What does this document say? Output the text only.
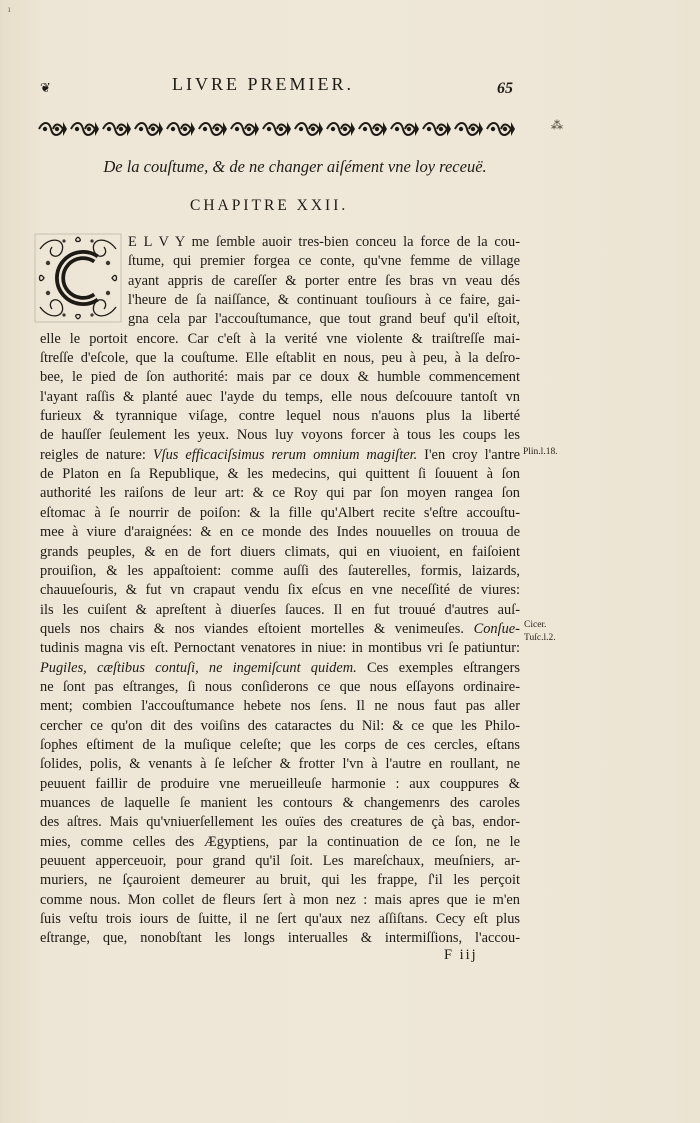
ı
❦
⁂
LIVRE PREMIER.	65
De la couſtume, & de ne changer aiſément vne loy receuë.
CHAPITRE XXII.
E L V Y me ſemble auoir tres-bien conceu la force de la cou-
ſtume, qui premier forgea ce conte, qu'vne femme de village
ayant appris de careſſer & porter entre ſes bras vn veau dés
l'heure de ſa naiſſance, & continuant touſiours à ce faire, gai-
gna cela par l'accouſtumance, que tout grand beuf qu'il eſtoit,
elle le portoit encore. Car c'eſt à la verité vne violente & traiſtreſſe mai-
ſtreſſe d'eſcole, que la couſtume. Elle eſtablit en nous, peu à peu, à la deſro-
bee, le pied de ſon authorité: mais par ce doux & humble commencement
l'ayant raſſis & planté auec l'ayde du temps, elle nous deſcouure tantoſt vn
furieux & tyrannique viſage, contre lequel nous n'auons plus la liberté
de hauſſer ſeulement les yeux. Nous luy voyons forcer à tous les coups les
reigles de nature: Vſus efficaciſsimus rerum omnium magiſter. I'en croy l'antre
de Platon en ſa Republique, & les medecins, qui quittent ſi ſouuent à ſon
authorité les raiſons de leur art: & ce Roy qui par ſon moyen rangea ſon
eſtomac à ſe nourrir de poiſon: & la fille qu'Albert recite s'eſtre accouſtu-
mee à viure d'araignées: & en ce monde des Indes nouuelles on trouua de
grands peuples, & en de fort diuers climats, qui en viuoient, en faiſoient
prouiſion, & les appaſtoient: comme auſſi des ſauterelles, formis, laizards,
chauueſouris, & fut vn crapaut vendu ſix eſcus en vne neceſſité de viures:
ils les cuiſent & apreſtent à diuerſes ſauces. Il en fut trouué d'autres auſ-
quels nos chairs & nos viandes eſtoient mortelles & venimeuſes. Conſue-
tudinis magna vis eſt. Pernoctant venatores in niue: in montibus vri ſe patiuntur:
Pugiles, cæſtibus contuſi, ne ingemiſcunt quidem. Ces exemples eſtrangers
ne ſont pas eſtranges, ſi nous conſiderons ce que nous eſſayons ordinaire-
ment; combien l'accouſtumance hebete nos ſens. Il ne nous faut pas aller
cercher ce qu'on dit des voiſins des cataractes du Nil: & ce que les Philo-
ſophes eſtiment de la muſique celeſte; que les corps de ces cercles, eſtans
ſolides, polis, & venants à ſe leſcher & frotter l'vn à l'autre en roullant, ne
peuuent faillir de produire vne merueilleuſe harmonie : aux couppures &
muances de laquelle ſe manient les contours & changemenrs des caroles
des aſtres. Mais qu'vniuerſellement les ouïes des creatures de çà bas, endor-
mies, comme celles des Ægyptiens, par la continuation de ce ſon, ne le
peuuent apperceuoir, pour grand qu'il ſoit. Les mareſchaux, meuſniers, ar-
muriers, ne ſçauroient demeurer au bruit, qui les frappe, ſ'il les perçoit
comme nous. Mon collet de fleurs ſert à mon nez : mais apres que ie m'en
ſuis veſtu trois iours de ſuitte, il ne ſert qu'aux nez aſſiſtans. Cecy eſt plus
eſtrange, que, nonobſtant les longs interualles & intermiſſions, l'accou-
Plin.l.18.
Cicer.
Tuſc.l.2.
F iij
